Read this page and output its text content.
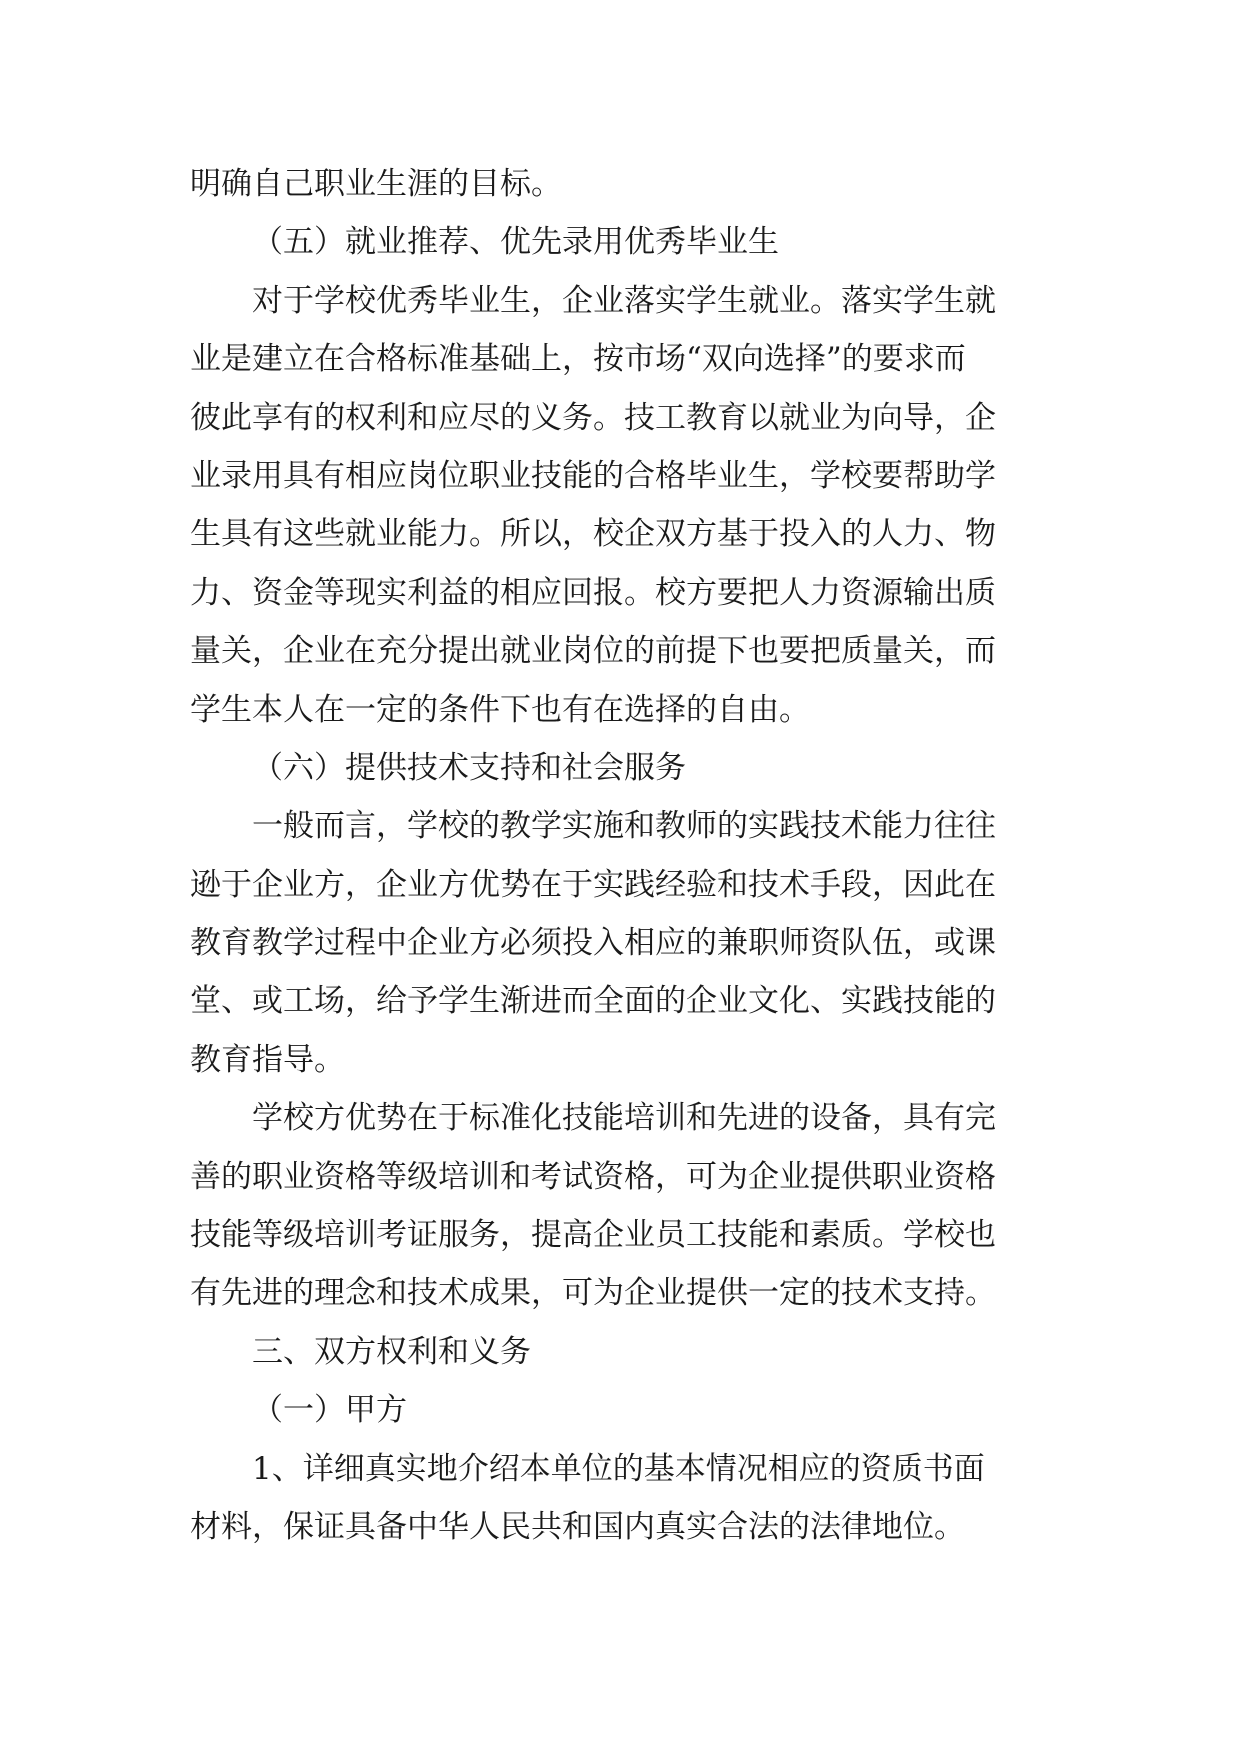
明确自己职业生涯的目标。
（五）就业推荐、优先录用优秀毕业生
对于学校优秀毕业生，企业落实学生就业。落实学生就
业是建立在合格标准基础上，按市场“双向选择”的要求而
彼此享有的权利和应尽的义务。技工教育以就业为向导，企
业录用具有相应岗位职业技能的合格毕业生，学校要帮助学
生具有这些就业能力。所以，校企双方基于投入的人力、物
力、资金等现实利益的相应回报。校方要把人力资源输出质
量关，企业在充分提出就业岗位的前提下也要把质量关，而
学生本人在一定的条件下也有在选择的自由。
（六）提供技术支持和社会服务
一般而言，学校的教学实施和教师的实践技术能力往往
逊于企业方，企业方优势在于实践经验和技术手段，因此在
教育教学过程中企业方必须投入相应的兼职师资队伍，或课
堂、或工场，给予学生渐进而全面的企业文化、实践技能的
教育指导。
学校方优势在于标准化技能培训和先进的设备，具有完
善的职业资格等级培训和考试资格，可为企业提供职业资格
技能等级培训考证服务，提高企业员工技能和素质。学校也
有先进的理念和技术成果，可为企业提供一定的技术支持。
三、双方权利和义务
（一）甲方
1、详细真实地介绍本单位的基本情况相应的资质书面
材料，保证具备中华人民共和国内真实合法的法律地位。
